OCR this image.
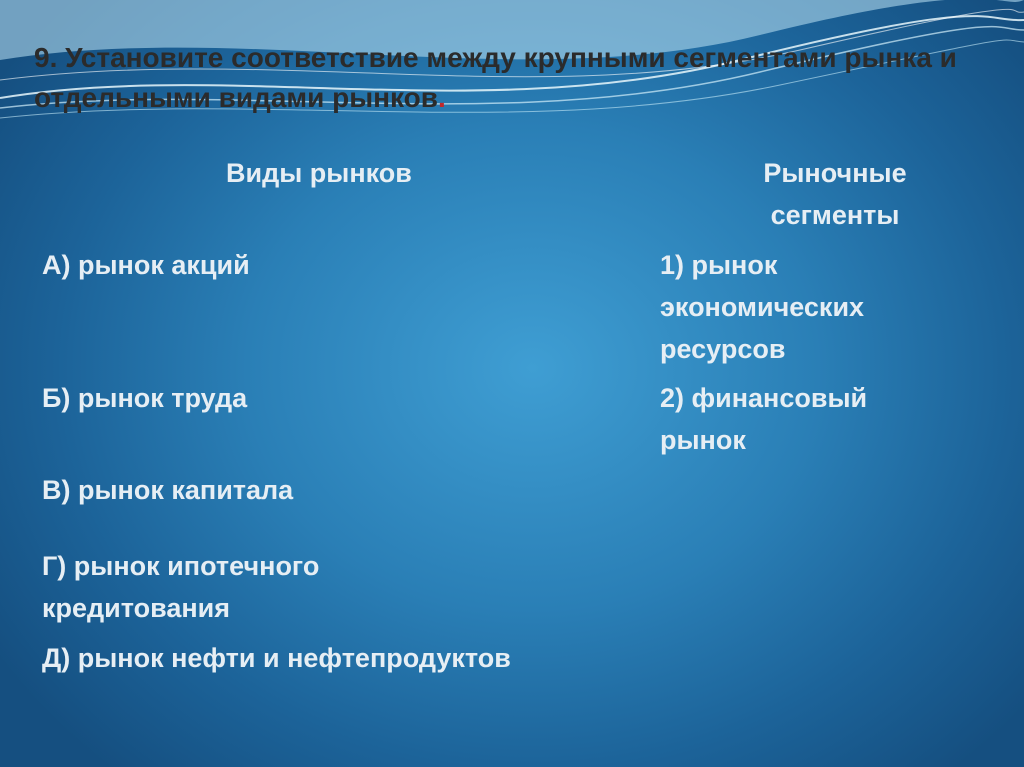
9. Установите соответствие между крупными сегментами рынка и отдельными видами рынков.

Виды рынков	Рыночные сегменты

А) рынок акций

Б) рынок труда

В) рынок капитала

Г) рынок ипотечного кредитования

Д) рынок нефти и нефтепродуктов

1) рынок экономических ресурсов

2) финансовый рынок
